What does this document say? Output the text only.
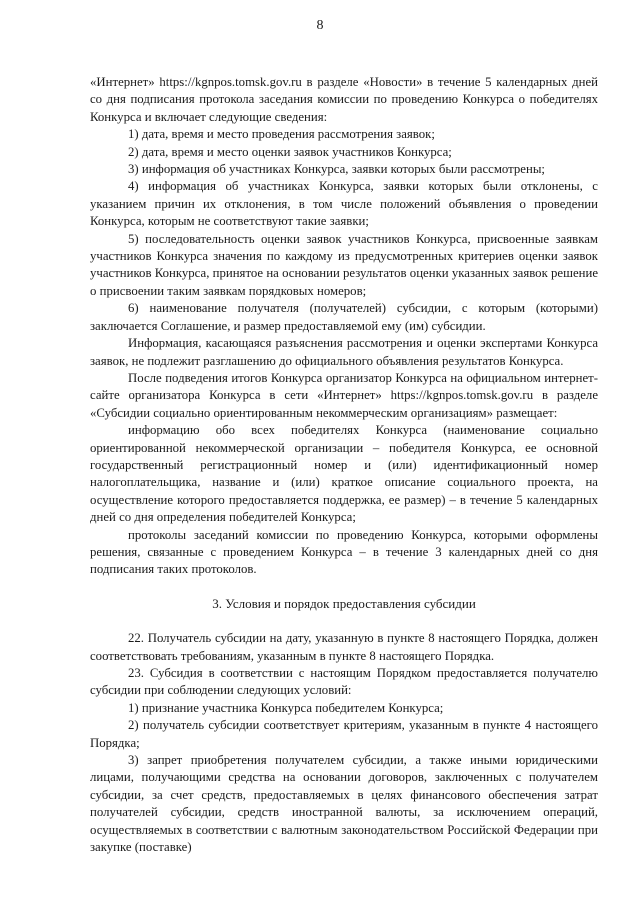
8

«Интернет» https://kgnpos.tomsk.gov.ru в разделе «Новости» в течение 5 календарных дней со дня подписания протокола заседания комиссии по проведению Конкурса о победителях Конкурса и включает следующие сведения:

1) дата, время и место проведения рассмотрения заявок;

2) дата, время и место оценки заявок участников Конкурса;

3) информация об участниках Конкурса, заявки которых были рассмотрены;

4) информация об участниках Конкурса, заявки которых были отклонены, с указанием причин их отклонения, в том числе положений объявления о проведении Конкурса, которым не соответствуют такие заявки;

5) последовательность оценки заявок участников Конкурса, присвоенные заявкам участников Конкурса значения по каждому из предусмотренных критериев оценки заявок участников Конкурса, принятое на основании результатов оценки указанных заявок решение о присвоении таким заявкам порядковых номеров;

6) наименование получателя (получателей) субсидии, с которым (которыми) заключается Соглашение, и размер предоставляемой ему (им) субсидии.

Информация, касающаяся разъяснения рассмотрения и оценки экспертами Конкурса заявок, не подлежит разглашению до официального объявления результатов Конкурса.

После подведения итогов Конкурса организатор Конкурса на официальном интернет-сайте организатора Конкурса в сети «Интернет» https://kgnpos.tomsk.gov.ru в разделе «Субсидии социально ориентированным некоммерческим организациям» размещает:

информацию обо всех победителях Конкурса (наименование социально ориентированной некоммерческой организации – победителя Конкурса, ее основной государственный регистрационный номер и (или) идентификационный номер налогоплательщика, название и (или) краткое описание социального проекта, на осуществление которого предоставляется поддержка, ее размер) – в течение 5 календарных дней со дня определения победителей Конкурса;

протоколы заседаний комиссии по проведению Конкурса, которыми оформлены решения, связанные с проведением Конкурса – в течение 3 календарных дней со дня подписания таких протоколов.

3. Условия и порядок предоставления субсидии

22. Получатель субсидии на дату, указанную в пункте 8 настоящего Порядка, должен соответствовать требованиям, указанным в пункте 8 настоящего Порядка.

23. Субсидия в соответствии с настоящим Порядком предоставляется получателю субсидии при соблюдении следующих условий:

1) признание участника Конкурса победителем Конкурса;

2) получатель субсидии соответствует критериям, указанным в пункте 4 настоящего Порядка;

3) запрет приобретения получателем субсидии, а также иными юридическими лицами, получающими средства на основании договоров, заключенных с получателем субсидии, за счет средств, предоставляемых в целях финансового обеспечения затрат получателей субсидии, средств иностранной валюты, за исключением операций, осуществляемых в соответствии с валютным законодательством Российской Федерации при закупке (поставке)
